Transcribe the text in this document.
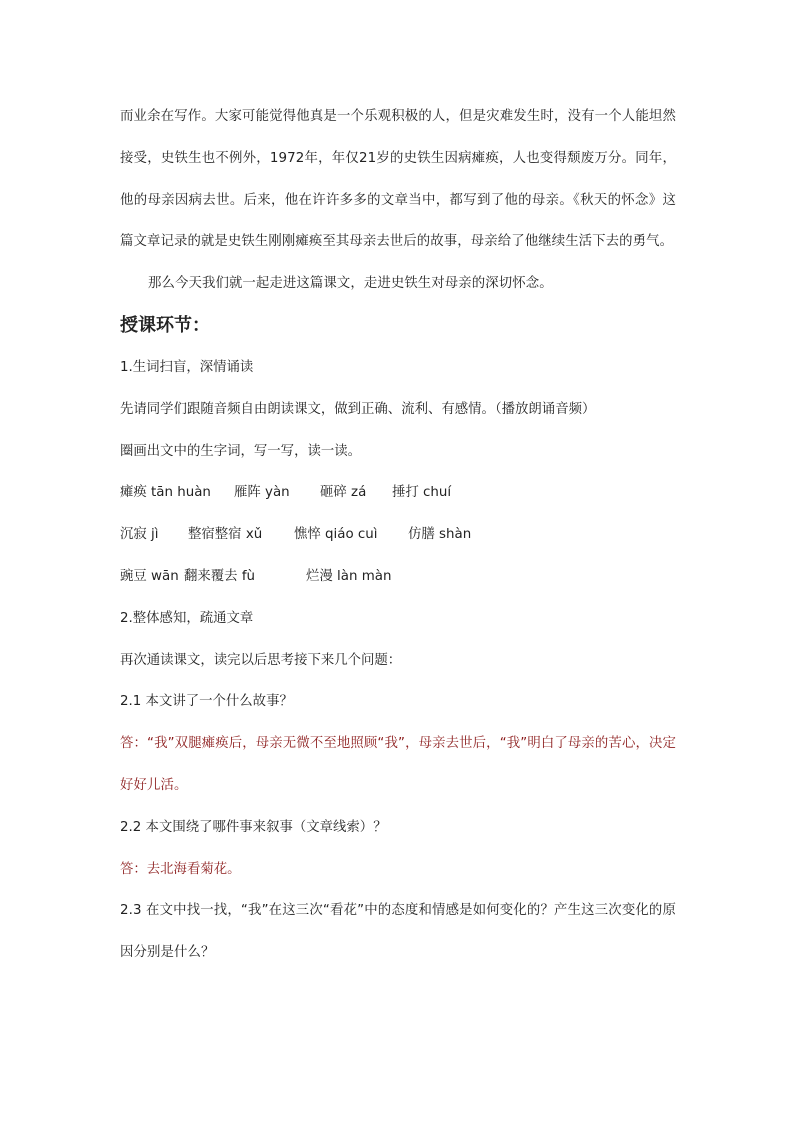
而业余在写作。大家可能觉得他真是一个乐观积极的人，但是灾难发生时，没有一个人能坦然接受，史铁生也不例外，1972年，年仅21岁的史铁生因病瘫痪，人也变得颓废万分。同年，他的母亲因病去世。后来，他在许许多多的文章当中，都写到了他的母亲。《秋天的怀念》这篇文章记录的就是史铁生刚刚瘫痪至其母亲去世后的故事，母亲给了他继续生活下去的勇气。

那么今天我们就一起走进这篇课文，走进史铁生对母亲的深切怀念。

授课环节：

1.生词扫盲，深情诵读

先请同学们跟随音频自由朗读课文，做到正确、流利、有感情。（播放朗诵音频）

圈画出文中的生字词，写一写，读一读。

瘫痪 tān huàn 雁阵 yàn 砸碎 zá 捶打 chuí

沉寂 jì 整宿整宿 xǔ 憔悴 qiáo cuì 仿膳 shàn

豌豆 wān 翻来覆去 fù	烂漫 làn màn

2.整体感知，疏通文章

再次通读课文，读完以后思考接下来几个问题：

2.1 本文讲了一个什么故事？

答：“我”双腿瘫痪后，母亲无微不至地照顾“我”，母亲去世后，“我”明白了母亲的苦心，决定好好儿活。

2.2 本文围绕了哪件事来叙事（文章线索）？

答：去北海看菊花。

2.3 在文中找一找，“我”在这三次“看花”中的态度和情感是如何变化的？产生这三次变化的原因分别是什么？
